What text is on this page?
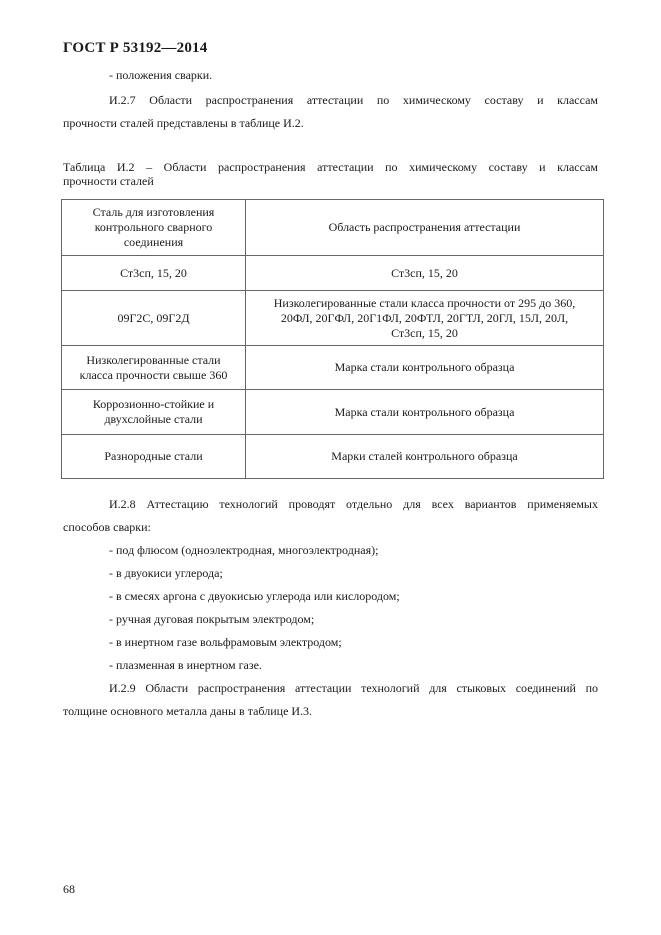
ГОСТ Р 53192—2014
- положения сварки.
И.2.7 Области распространения аттестации по химическому составу и классам
прочности сталей представлены в таблице И.2.
Таблица И.2 – Области распространения аттестации по химическому составу и классам
прочности сталей
Сталь для изготовления
контрольного сварного
соединения	Область распространения аттестации

Ст3сп, 15, 20	Ст3сп, 15, 20

09Г2С, 09Г2Д	Низколегированные стали класса прочности от 295 до 360,
20ФЛ, 20ГФЛ, 20Г1ФЛ, 20ФТЛ, 20ГТЛ, 20ГЛ, 15Л, 20Л,
Ст3сп, 15, 20

Низколегированные стали
класса прочности свыше 360	Марка стали контрольного образца

Коррозионно-стойкие и
двухслойные стали	Марка стали контрольного образца

Разнородные стали	Марки сталей контрольного образца
И.2.8 Аттестацию технологий проводят отдельно для всех вариантов применяемых
способов сварки:
- под флюсом (одноэлектродная, многоэлектродная);
- в двуокиси углерода;
- в смесях аргона с двуокисью углерода или кислородом;
- ручная дуговая покрытым электродом;
- в инертном газе вольфрамовым электродом;
- плазменная в инертном газе.
И.2.9 Области распространения аттестации технологий для стыковых соединений по
толщине основного металла даны в таблице И.3.
68
